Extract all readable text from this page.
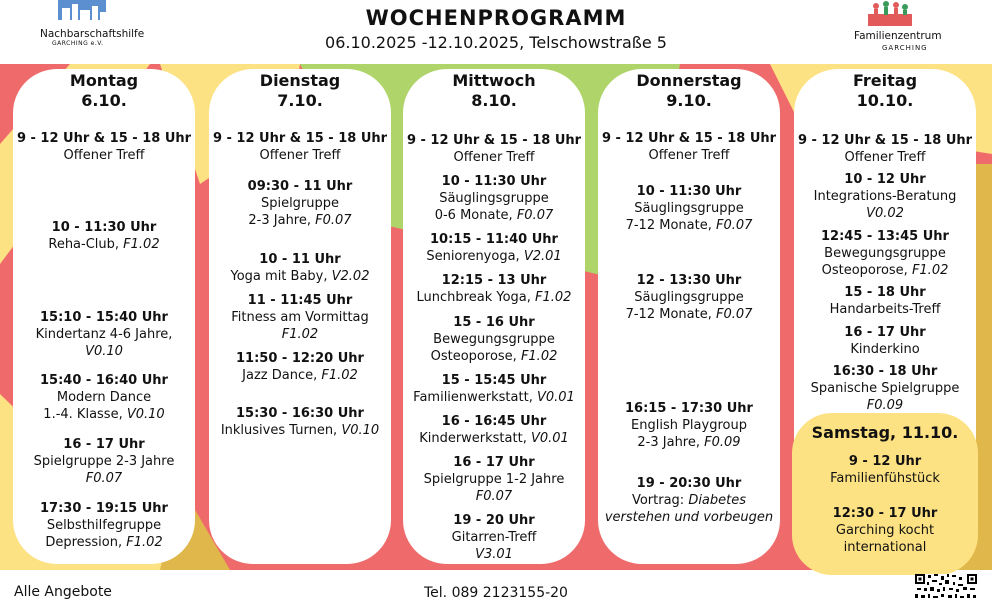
Nachbarschaftshilfe
GARCHING e.V.
WOCHENPROGRAMM
06.10.2025 -12.10.2025, Telschowstraße 5	Familienzentrum
GARCHING
Montag
6.10.
9 - 12 Uhr & 15 - 18 Uhr
Offener Treff
10 - 11:30 Uhr
Reha-Club, F1.02
15:10 - 15:40 Uhr
Kindertanz 4-6 Jahre,
V0.10
15:40 - 16:40 Uhr
Modern Dance
1.-4. Klasse, V0.10
16 - 17 Uhr
Spielgruppe 2-3 Jahre
F0.07
17:30 - 19:15 Uhr
Selbsthilfegruppe
Depression, F1.02
Dienstag
7.10.
9 - 12 Uhr & 15 - 18 Uhr
Offener Treff
09:30 - 11 Uhr
Spielgruppe
2-3 Jahre, F0.07
10 - 11 Uhr
Yoga mit Baby, V2.02
11 - 11:45 Uhr
Fitness am Vormittag
F1.02
11:50 - 12:20 Uhr
Jazz Dance, F1.02
15:30 - 16:30 Uhr
Inklusives Turnen, V0.10
Mittwoch
8.10.
9 - 12 Uhr & 15 - 18 Uhr
Offener Treff
10 - 11:30 Uhr
Säuglingsgruppe
0-6 Monate, F0.07
10:15 - 11:40 Uhr
Seniorenyoga, V2.01
12:15 - 13 Uhr
Lunchbreak Yoga, F1.02
15 - 16 Uhr
Bewegungsgruppe
Osteoporose, F1.02
15 - 15:45 Uhr
Familienwerkstatt, V0.01
16 - 16:45 Uhr
Kinderwerkstatt, V0.01
16 - 17 Uhr
Spielgruppe 1-2 Jahre
F0.07
19 - 20 Uhr
Gitarren-Treff
V3.01
Donnerstag
9.10.
9 - 12 Uhr & 15 - 18 Uhr
Offener Treff
10 - 11:30 Uhr
Säuglingsgruppe
7-12 Monate, F0.07
12 - 13:30 Uhr
Säuglingsgruppe
7-12 Monate, F0.07
16:15 - 17:30 Uhr
English Playgroup
2-3 Jahre, F0.09
19 - 20:30 Uhr
Vortrag: Diabetes
verstehen und vorbeugen
Freitag
10.10.
9 - 12 Uhr & 15 - 18 Uhr
Offener Treff
10 - 12 Uhr
Integrations-Beratung
V0.02
12:45 - 13:45 Uhr
Bewegungsgruppe
Osteoporose, F1.02
15 - 18 Uhr
Handarbeits-Treff
16 - 17 Uhr
Kinderkino
16:30 - 18 Uhr
Spanische Spielgruppe
F0.09
Samstag, 11.10.
9 - 12 Uhr
Familienfühstück
12:30 - 17 Uhr
Garching kocht
international
Alle Angebote	Tel. 089 2123155-20
